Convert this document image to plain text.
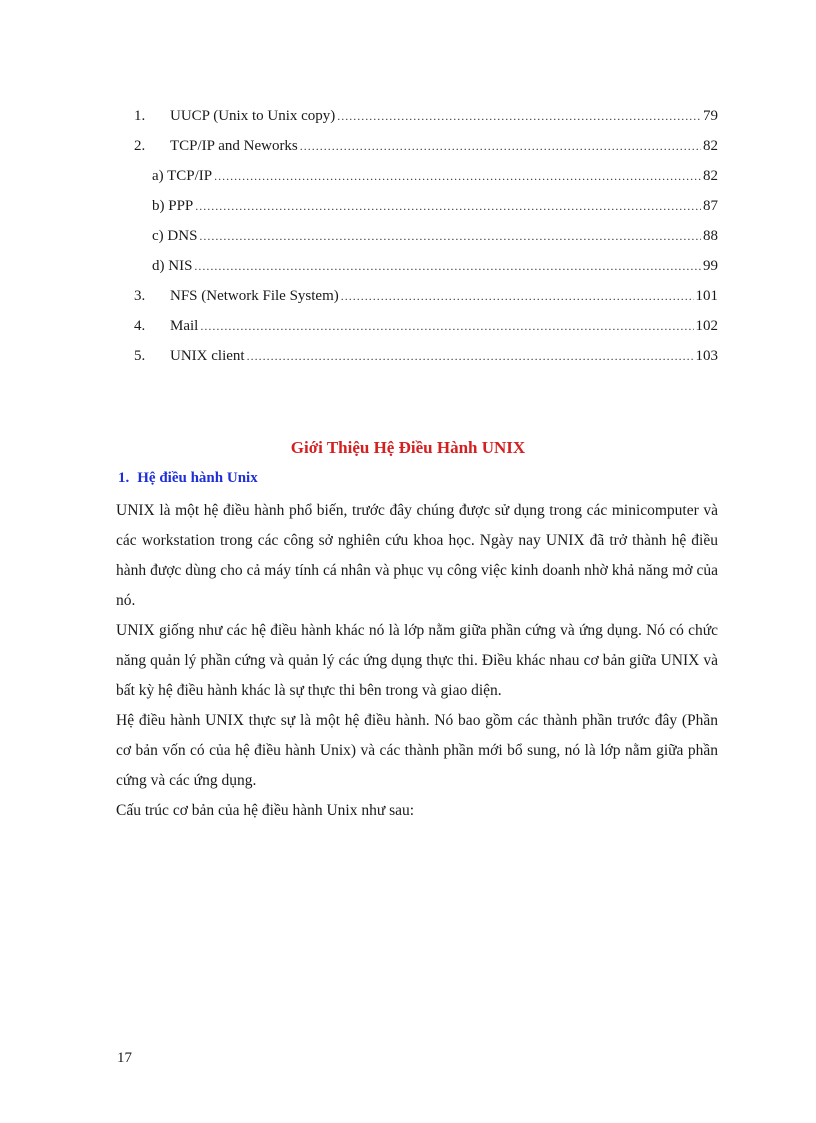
1. UUCP (Unix to Unix copy) .....	79
2. TCP/IP and Neworks .....	82
a) TCP/IP .....	82
b) PPP .....	87
c) DNS .....	88
d) NIS .....	99
3. NFS (Network File System) .....	101
4. Mail .....	102
5. UNIX client .....	103
Giới Thiệu Hệ Điều Hành UNIX
1. Hệ điều hành Unix

UNIX là một hệ điều hành phổ biến, trước đây chúng được sử dụng trong các minicomputer và các workstation trong các công sở nghiên cứu khoa học. Ngày nay UNIX đã trở thành hệ điều hành được dùng cho cả máy tính cá nhân và phục vụ công việc kinh doanh nhờ khả năng mở của nó.

UNIX giống như các hệ điều hành khác nó là lớp nằm giữa phần cứng và ứng dụng. Nó có chức năng quản lý phần cứng và quản lý các ứng dụng thực thi. Điều khác nhau cơ bản giữa UNIX và bất kỳ hệ điều hành khác là sự thực thi bên trong và giao diện.

Hệ điều hành UNIX thực sự là một hệ điều hành. Nó bao gồm các thành phần trước đây (Phần cơ bản vốn có của hệ điều hành Unix) và các thành phần mới bổ sung, nó là lớp nằm giữa phần cứng và các ứng dụng.

Cấu trúc cơ bản của hệ điều hành Unix như sau:

17
